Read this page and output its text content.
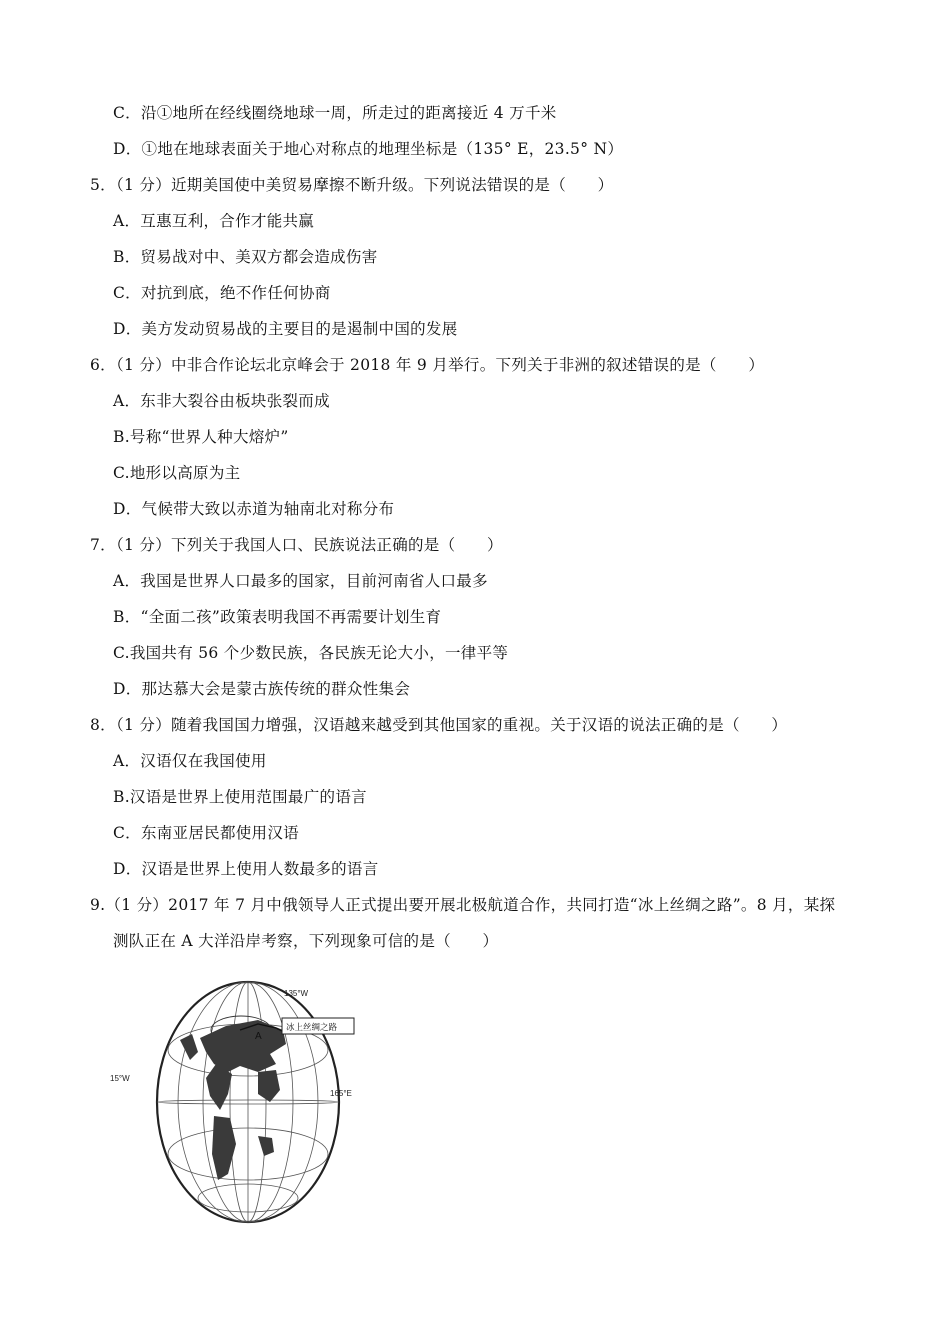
C．沿①地所在经线圈绕地球一周，所走过的距离接近 4 万千米
D．①地在地球表面关于地心对称点的地理坐标是（135° E，23.5° N）
5．（1 分）近期美国使中美贸易摩擦不断升级。下列说法错误的是（　　）
A．互惠互利，合作才能共赢
B．贸易战对中、美双方都会造成伤害
C．对抗到底，绝不作任何协商
D．美方发动贸易战的主要目的是遏制中国的发展
6．（1 分）中非合作论坛北京峰会于 2018 年 9 月举行。下列关于非洲的叙述错误的是（　　）
A．东非大裂谷由板块张裂而成
B.号称“世界人种大熔炉”
C.地形以高原为主
D．气候带大致以赤道为轴南北对称分布
7．（1 分）下列关于我国人口、民族说法正确的是（　　）
A．我国是世界人口最多的国家，目前河南省人口最多
B．“全面二孩”政策表明我国不再需要计划生育
C.我国共有 56 个少数民族，各民族无论大小，一律平等
D．那达慕大会是蒙古族传统的群众性集会
8．（1 分）随着我国国力增强，汉语越来越受到其他国家的重视。关于汉语的说法正确的是（　　）
A．汉语仅在我国使用
B.汉语是世界上使用范围最广的语言
C．东南亚居民都使用汉语
D．汉语是世界上使用人数最多的语言
9.（1 分）2017 年 7 月中俄领导人正式提出要开展北极航道合作，共同打造“冰上丝绸之路”。8 月，某探
测队正在 A 大洋沿岸考察，下列现象可信的是（　　）
A
冰上丝绸之路
135°W
15°W
165°E
